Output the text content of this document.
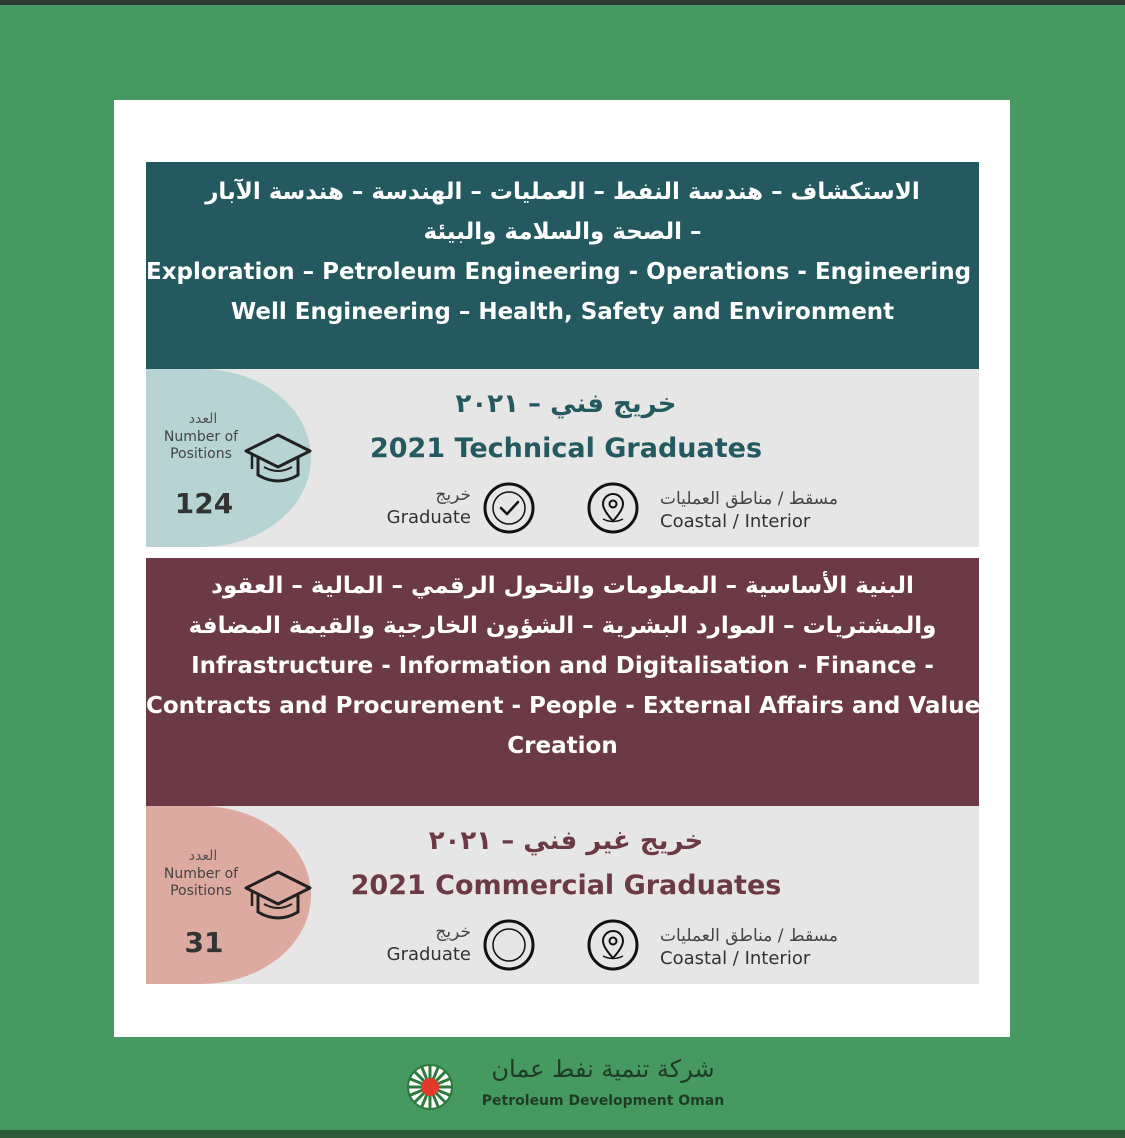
الاستكشاف – هندسة النفط – العمليات – الهندسة – هندسة الآبار
– الصحة والسلامة والبيئة
Exploration – Petroleum Engineering - Operations - Engineering –
Well Engineering – Health, Safety and Environment
العدد
Number of Positions
124
خريج فني – ٢٠٢١
2021 Technical Graduates
خريج
Graduate
مسقط / مناطق العمليات
Coastal / Interior
البنية الأساسية – المعلومات والتحول الرقمي – المالية – العقود
والمشتريات – الموارد البشرية – الشؤون الخارجية والقيمة المضافة
Infrastructure - Information and Digitalisation - Finance -
Contracts and Procurement - People - External Affairs and Value
Creation
العدد
Number of Positions
31
خريج غير فني – ٢٠٢١
2021 Commercial Graduates
خريج
Graduate
مسقط / مناطق العمليات
Coastal / Interior
شركة تنمية نفط عمان
Petroleum Development Oman
